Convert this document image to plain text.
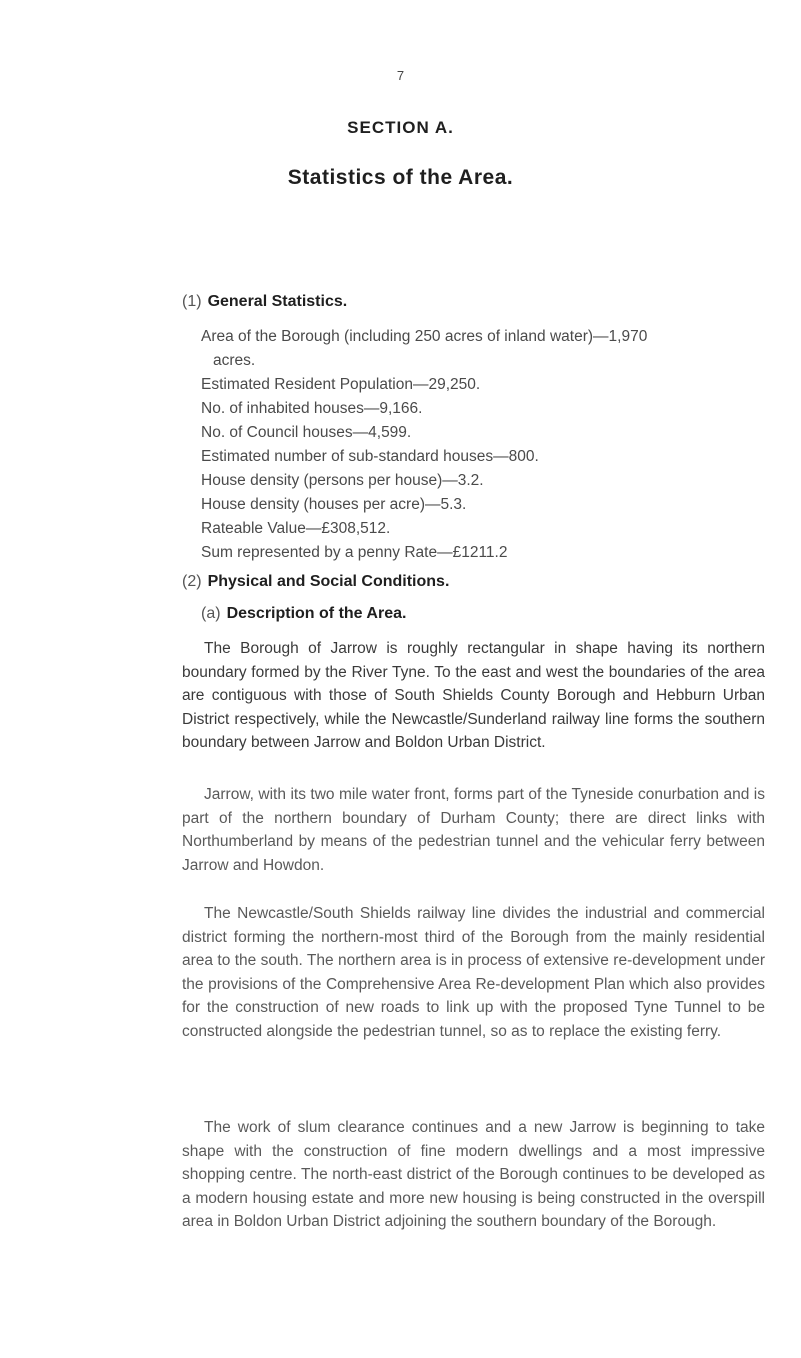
7
SECTION A.
Statistics of the Area.
(1) General Statistics.
Area of the Borough (including 250 acres of inland water)—1,970
acres.
Estimated Resident Population—29,250.
No. of inhabited houses—9,166.
No. of Council houses—4,599.
Estimated number of sub-standard houses—800.
House density (persons per house)—3.2.
House density (houses per acre)—5.3.
Rateable Value—£308,512.
Sum represented by a penny Rate—£1211.2
(2) Physical and Social Conditions.
(a) Description of the Area.

The Borough of Jarrow is roughly rectangular in shape having its northern boundary formed by the River Tyne. To the east and west the boundaries of the area are contiguous with those of South Shields County Borough and Hebburn Urban District respectively, while the Newcastle/Sunderland railway line forms the southern boundary between Jarrow and Boldon Urban District.

Jarrow, with its two mile water front, forms part of the Tyneside conurbation and is part of the northern boundary of Durham County; there are direct links with Northumberland by means of the pedestrian tunnel and the vehicular ferry between Jarrow and Howdon.

The Newcastle/South Shields railway line divides the industrial and commercial district forming the northern-most third of the Borough from the mainly residential area to the south. The northern area is in process of extensive re-development under the provisions of the Comprehensive Area Re-development Plan which also provides for the construction of new roads to link up with the proposed Tyne Tunnel to be constructed alongside the pedestrian tunnel, so as to replace the existing ferry.

The work of slum clearance continues and a new Jarrow is beginning to take shape with the construction of fine modern dwellings and a most impressive shopping centre. The north-east district of the Borough continues to be developed as a modern housing estate and more new housing is being constructed in the overspill area in Boldon Urban District adjoining the southern boundary of the Borough.
